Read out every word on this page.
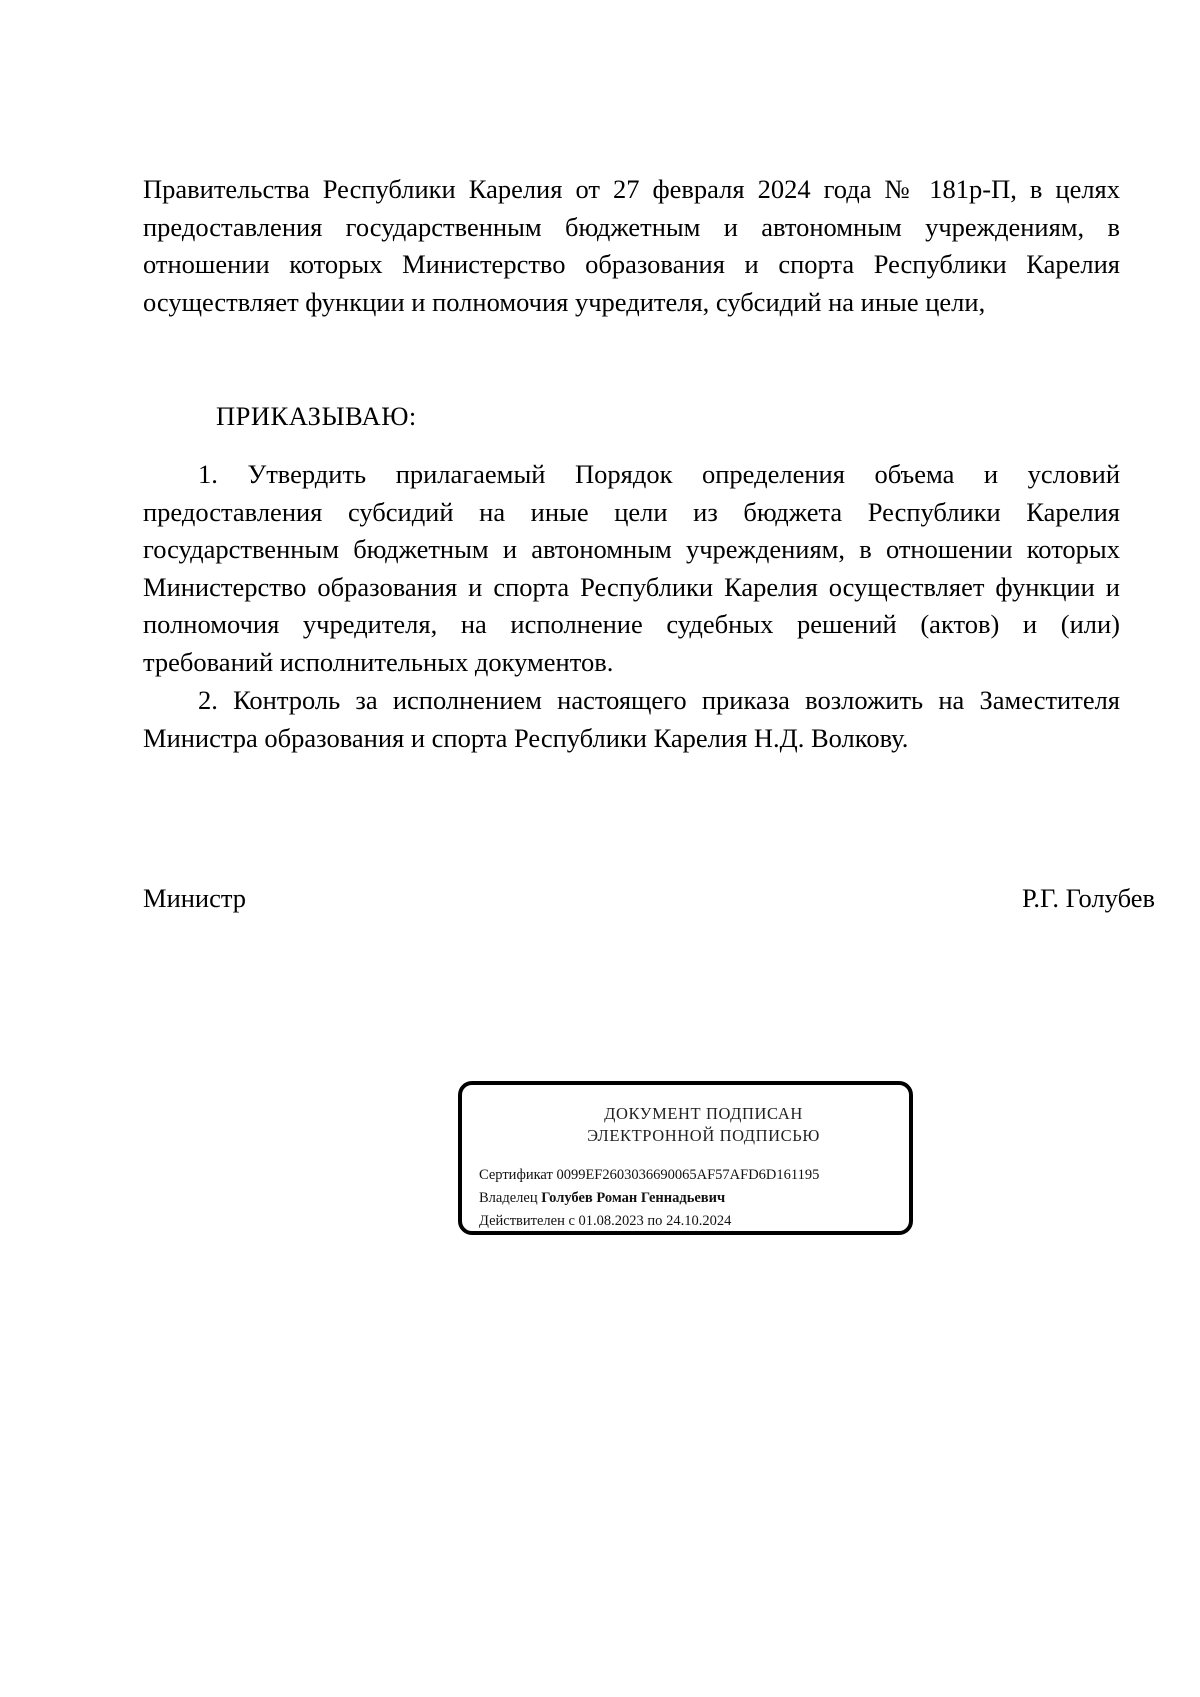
Правительства Республики Карелия от 27 февраля 2024 года № 181р-П, в целях предоставления государственным бюджетным и автономным учреждениям, в отношении которых Министерство образования и спорта Республики Карелия осуществляет функции и полномочия учредителя, субсидий на иные цели,

ПРИКАЗЫВАЮ:

1. Утвердить прилагаемый Порядок определения объема и условий предоставления субсидий на иные цели из бюджета Республики Карелия государственным бюджетным и автономным учреждениям, в отношении которых Министерство образования и спорта Республики Карелия осуществляет функции и полномочия учредителя, на исполнение судебных решений (актов) и (или) требований исполнительных документов.

2. Контроль за исполнением настоящего приказа возложить на Заместителя Министра образования и спорта Республики Карелия Н.Д. Волкову.

Министр	Р.Г. Голубев

ДОКУМЕНТ ПОДПИСАН
ЭЛЕКТРОННОЙ ПОДПИСЬЮ
Сертификат 0099EF2603036690065AF57AFD6D161195
Владелец Голубев Роман Геннадьевич
Действителен с 01.08.2023 по 24.10.2024
